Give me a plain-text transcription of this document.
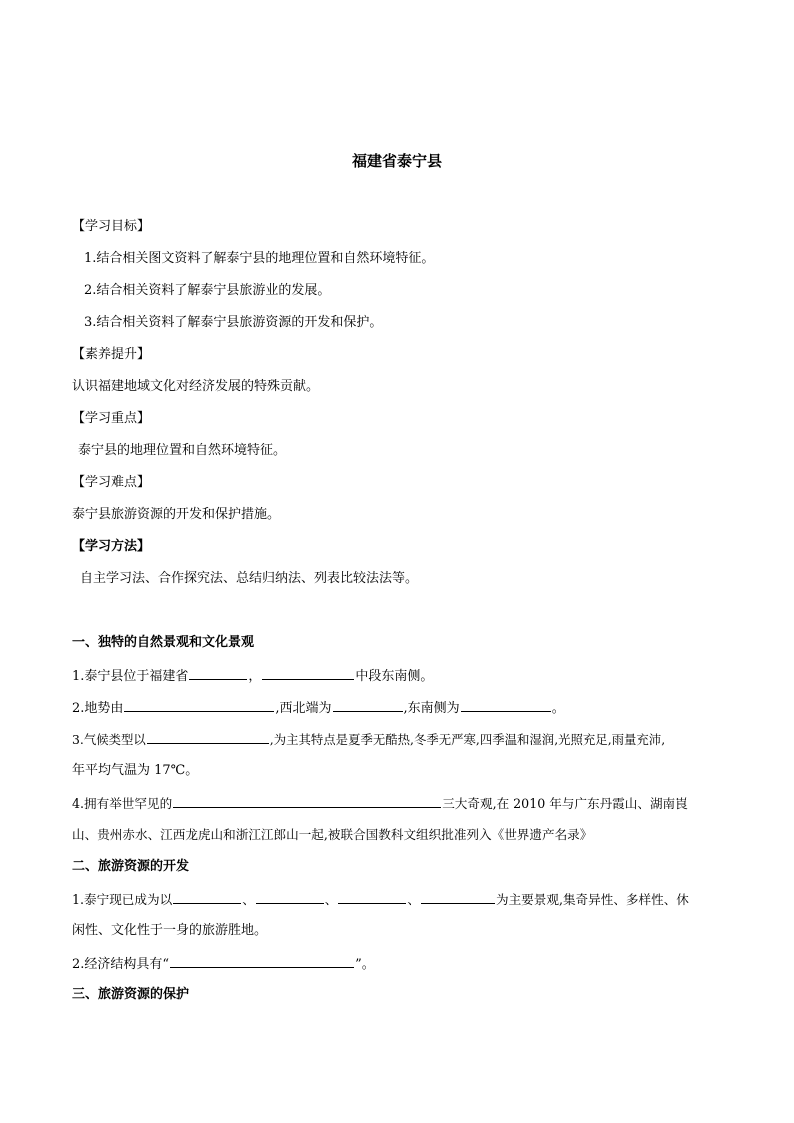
福建省泰宁县
【学习目标】
1.结合相关图文资料了解泰宁县的地理位置和自然环境特征。
2.结合相关资料了解泰宁县旅游业的发展。
3.结合相关资料了解泰宁县旅游资源的开发和保护。
【素养提升】
认识福建地域文化对经济发展的特殊贡献。
【学习重点】
泰宁县的地理位置和自然环境特征。
【学习难点】
泰宁县旅游资源的开发和保护措施。
【学习方法】
自主学习法、合作探究法、总结归纳法、列表比较法法等。
一、独特的自然景观和文化景观
1.泰宁县位于福建省	，	中段东南侧。
2.地势由	,西北端为	,东南侧为	。
3.气候类型以	,为主其特点是夏季无酷热,冬季无严寒,四季温和湿润,光照充足,雨量充沛,
年平均气温为 17℃。
4.拥有举世罕见的	三大奇观,在 2010 年与广东丹霞山、湖南崀
山、贵州赤水、江西龙虎山和浙江江郎山一起,被联合国教科文组织批准列入《世界遗产名录》
二、旅游资源的开发
1.泰宁现已成为以	、	、	、	为主要景观,集奇异性、多样性、休
闲性、文化性于一身的旅游胜地。
2.经济结构具有“	”。
三、旅游资源的保护
